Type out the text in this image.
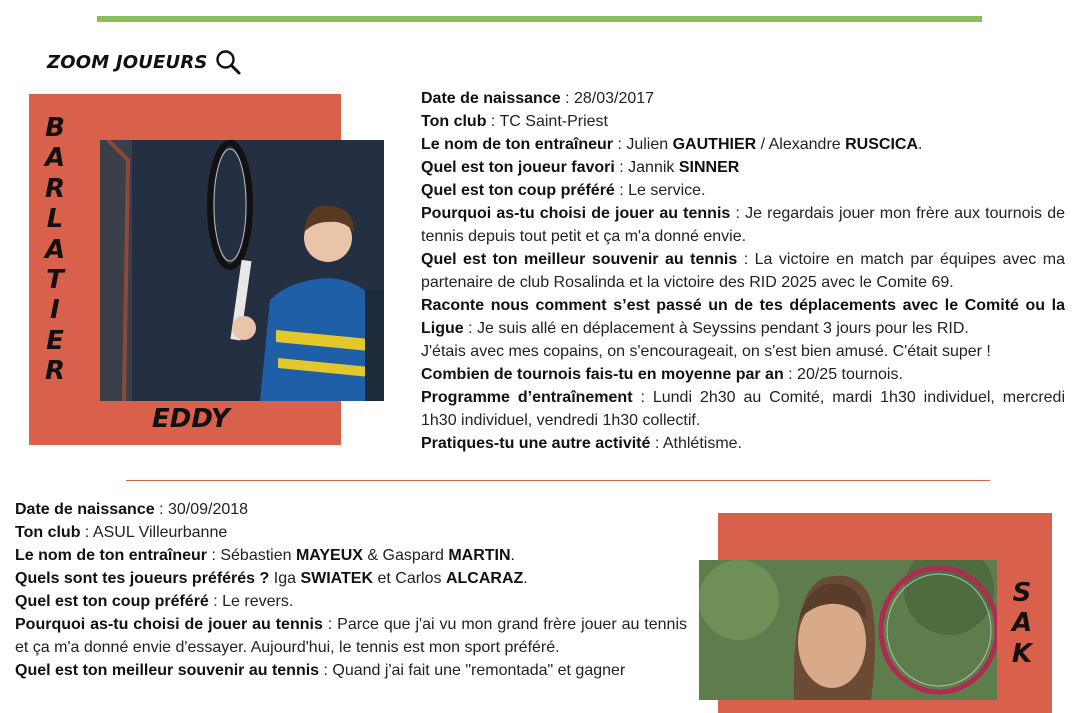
ZOOM JOUEURS
B
A
R
L
A
T
I
E
R
EDDY

Date de naissance : 28/03/2017

Ton club : TC Saint-Priest

Le nom de ton entraîneur : Julien GAUTHIER / Alexandre RUSCICA.

Quel est ton joueur favori : Jannik SINNER

Quel est ton coup préféré : Le service.

Pourquoi as-tu choisi de jouer au tennis : Je regardais jouer mon frère aux tournois de tennis depuis tout petit et ça m'a donné envie.

Quel est ton meilleur souvenir au tennis : La victoire en match par équipes avec ma partenaire de club Rosalinda et la victoire des RID 2025 avec le Comite 69.

Raconte nous comment s’est passé un de tes déplacements avec le Comité ou la Ligue : Je suis allé en déplacement à Seyssins pendant 3 jours pour les RID.

J'étais avec mes copains, on s'encourageait, on s'est bien amusé. C'était super !

Combien de tournois fais-tu en moyenne par an : 20/25 tournois.

Programme d’entraînement : Lundi 2h30 au Comité, mardi 1h30 individuel, mercredi 1h30 individuel, vendredi 1h30 collectif.

Pratiques-tu une autre activité : Athlétisme.

Date de naissance : 30/09/2018

Ton club : ASUL Villeurbanne

Le nom de ton entraîneur : Sébastien MAYEUX & Gaspard MARTIN.

Quels sont tes joueurs préférés ? Iga SWIATEK et Carlos ALCARAZ.

Quel est ton coup préféré : Le revers.

Pourquoi as-tu choisi de jouer au tennis : Parce que j'ai vu mon grand frère jouer au tennis et ça m'a donné envie d'essayer. Aujourd'hui, le tennis est mon sport préféré.

Quel est ton meilleur souvenir au tennis : Quand j'ai fait une "remontada" et gagner

S
A
K
